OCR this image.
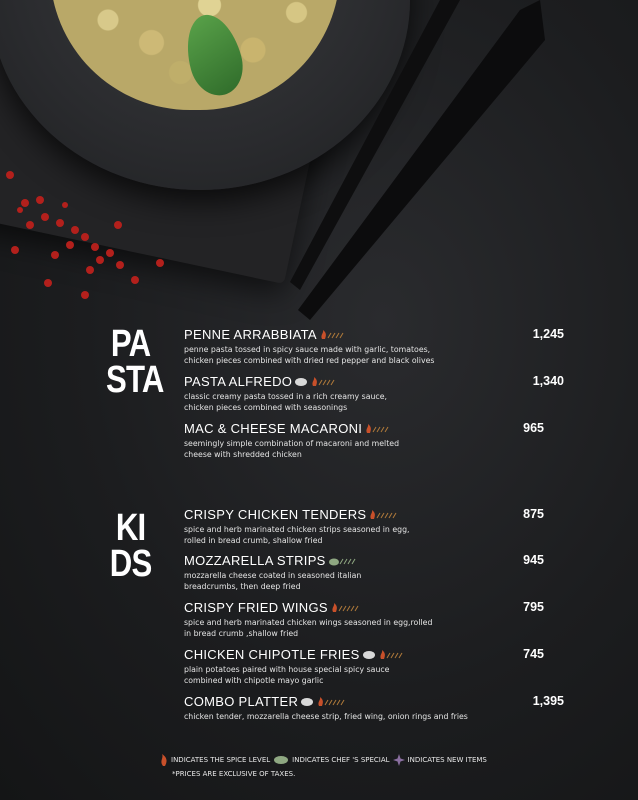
PA
STA
PENNE ARRABBIATA
penne pasta tossed in spicy sauce made with garlic, tomatoes,
chicken pieces combined with dried red pepper and black olives
1,245
PASTA ALFREDO
classic creamy pasta tossed in a rich creamy sauce,
chicken pieces combined with seasonings
1,340
MAC & CHEESE MACARONI
seemingly simple combination of macaroni and melted
cheese with shredded chicken
965
KI
DS
CRISPY CHICKEN TENDERS
spice and herb marinated chicken strips seasoned in egg,
rolled in bread crumb, shallow fried
875
MOZZARELLA STRIPS
mozzarella cheese coated in seasoned italian
breadcrumbs, then deep fried
945
CRISPY FRIED WINGS
spice and herb marinated chicken wings seasoned in egg,rolled
in bread crumb ,shallow fried
795
CHICKEN CHIPOTLE FRIES
plain potatoes paired with house special spicy sauce
combined with chipotle mayo garlic
745
COMBO PLATTER
chicken tender, mozzarella cheese strip, fried wing, onion rings and fries
1,395
INDICATES THE SPICE LEVEL	INDICATES CHEF 'S SPECIAL	INDICATES NEW ITEMS
*PRICES ARE EXCLUSIVE OF TAXES.
